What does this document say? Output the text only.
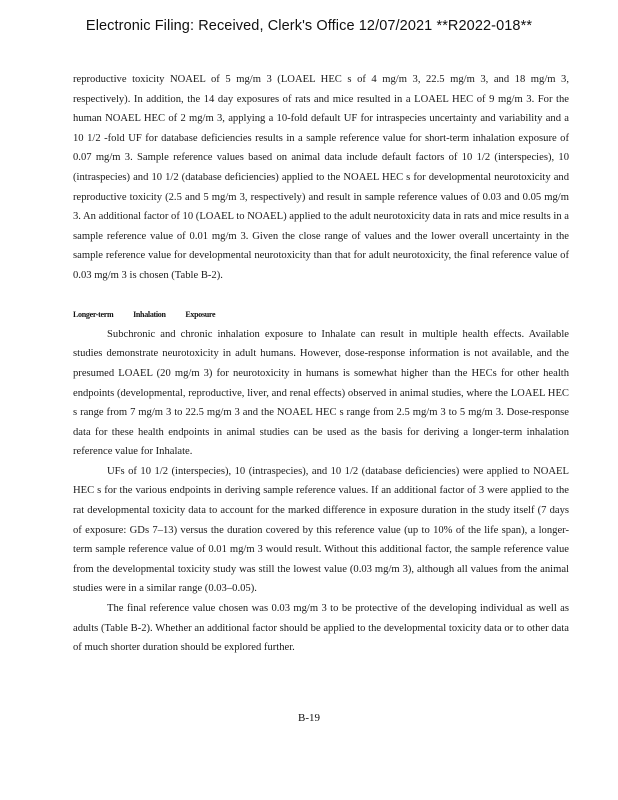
Electronic Filing: Received, Clerk's Office 12/07/2021 **R2022-018**

reproductive toxicity NOAEL of 5 mg/m 3 (LOAEL HEC s of 4 mg/m 3, 22.5 mg/m 3, and 18 mg/m 3, respectively). In addition, the 14 day exposures of rats and mice resulted in a LOAEL HEC of 9 mg/m 3. For the human NOAEL HEC of 2 mg/m 3, applying a 10-fold default UF for intraspecies uncertainty and variability and a 10 1/2 -fold UF for database deficiencies results in a sample reference value for short-term inhalation exposure of 0.07 mg/m 3. Sample reference values based on animal data include default factors of 10 1/2 (interspecies), 10 (intraspecies) and 10 1/2 (database deficiencies) applied to the NOAEL HEC s for developmental neurotoxicity and reproductive toxicity (2.5 and 5 mg/m 3, respectively) and result in sample reference values of 0.03 and 0.05 mg/m 3. An additional factor of 10 (LOAEL to NOAEL) applied to the adult neurotoxicity data in rats and mice results in a sample reference value of 0.01 mg/m 3. Given the close range of values and the lower overall uncertainty in the sample reference value for developmental neurotoxicity than that for adult neurotoxicity, the final reference value of 0.03 mg/m 3 is chosen (Table B-2).

Longer-term Inhalation Exposure

Subchronic and chronic inhalation exposure to Inhalate can result in multiple health effects. Available studies demonstrate neurotoxicity in adult humans. However, dose-response information is not available, and the presumed LOAEL (20 mg/m 3) for neurotoxicity in humans is somewhat higher than the HECs for other health endpoints (developmental, reproductive, liver, and renal effects) observed in animal studies, where the LOAEL HEC s range from 7 mg/m 3 to 22.5 mg/m 3 and the NOAEL HEC s range from 2.5 mg/m 3 to 5 mg/m 3. Dose-response data for these health endpoints in animal studies can be used as the basis for deriving a longer-term inhalation reference value for Inhalate.

UFs of 10 1/2 (interspecies), 10 (intraspecies), and 10 1/2 (database deficiencies) were applied to NOAEL HEC s for the various endpoints in deriving sample reference values. If an additional factor of 3 were applied to the rat developmental toxicity data to account for the marked difference in exposure duration in the study itself (7 days of exposure: GDs 7–13) versus the duration covered by this reference value (up to 10% of the life span), a longer-term sample reference value of 0.01 mg/m 3 would result. Without this additional factor, the sample reference value from the developmental toxicity study was still the lowest value (0.03 mg/m 3), although all values from the animal studies were in a similar range (0.03–0.05).

The final reference value chosen was 0.03 mg/m 3 to be protective of the developing individual as well as adults (Table B-2). Whether an additional factor should be applied to the developmental toxicity data or to other data of much shorter duration should be explored further.

B-19
